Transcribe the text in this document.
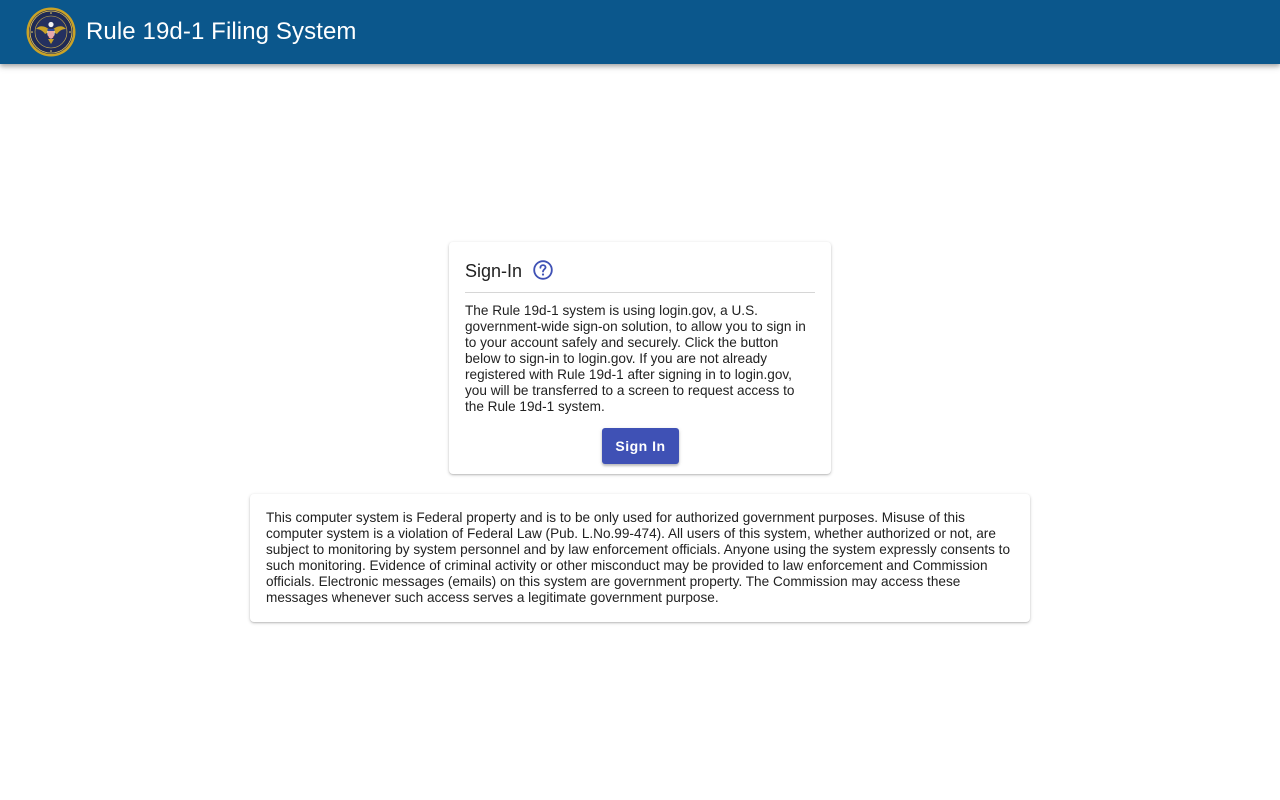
Rule 19d-1 Filing System
Sign-In
The Rule 19d-1 system is using login.gov, a U.S. government-wide sign-on solution, to allow you to sign in to your account safely and securely. Click the button below to sign-in to login.gov. If you are not already registered with Rule 19d-1 after signing in to login.gov, you will be transferred to a screen to request access to the Rule 19d-1 system.
Sign In
This computer system is Federal property and is to be only used for authorized government purposes. Misuse of this computer system is a violation of Federal Law (Pub. L.No.99-474). All users of this system, whether authorized or not, are subject to monitoring by system personnel and by law enforcement officials. Anyone using the system expressly consents to such monitoring. Evidence of criminal activity or other misconduct may be provided to law enforcement and Commission officials. Electronic messages (emails) on this system are government property. The Commission may access these messages whenever such access serves a legitimate government purpose.
